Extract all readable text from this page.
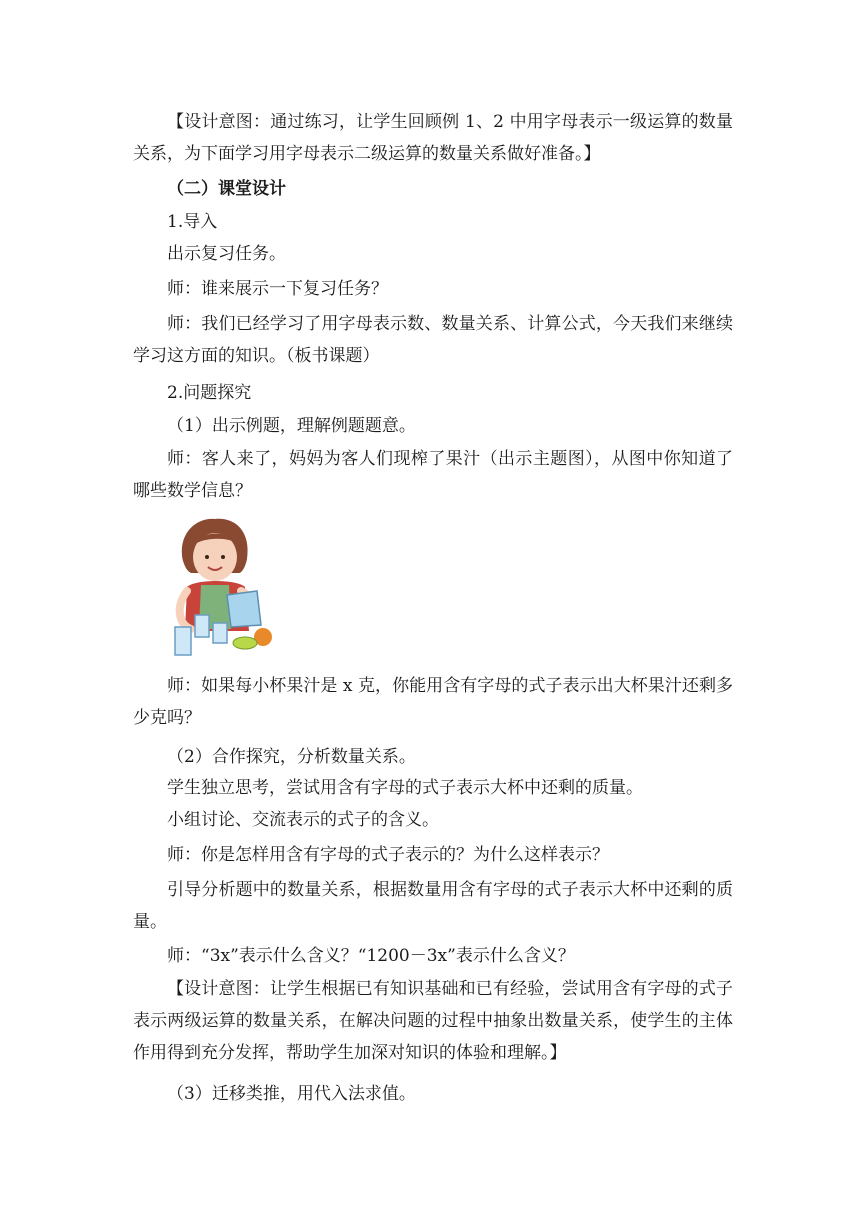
【设计意图：通过练习，让学生回顾例 1、2 中用字母表示一级运算的数量关系，为下面学习用字母表示二级运算的数量关系做好准备。】
（二）课堂设计
1.导入
出示复习任务。
师：谁来展示一下复习任务？
师：我们已经学习了用字母表示数、数量关系、计算公式，今天我们来继续学习这方面的知识。（板书课题）
2.问题探究
（1）出示例题，理解例题题意。
师：客人来了，妈妈为客人们现榨了果汁（出示主题图），从图中你知道了哪些数学信息？
师：如果每小杯果汁是 x 克，你能用含有字母的式子表示出大杯果汁还剩多少克吗？
（2）合作探究，分析数量关系。
学生独立思考，尝试用含有字母的式子表示大杯中还剩的质量。
小组讨论、交流表示的式子的含义。
师：你是怎样用含有字母的式子表示的？为什么这样表示？
引导分析题中的数量关系，根据数量用含有字母的式子表示大杯中还剩的质量。
师：“3x”表示什么含义？“1200－3x”表示什么含义？
【设计意图：让学生根据已有知识基础和已有经验，尝试用含有字母的式子表示两级运算的数量关系，在解决问题的过程中抽象出数量关系，使学生的主体作用得到充分发挥，帮助学生加深对知识的体验和理解。】
（3）迁移类推，用代入法求值。
